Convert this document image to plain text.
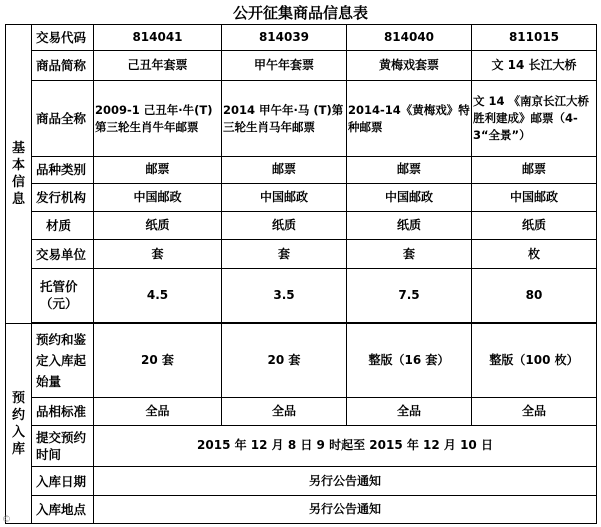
公开征集商品信息表
基
本
信
息	交易代码	814041	814039	814040	811015
	商品简称	己丑年套票	甲午年套票	黄梅戏套票	文 14 长江大桥
	商品全称	2009-1 己丑年·牛(T)第三轮生肖牛年邮票	2014 甲午年·马 (T)第三轮生肖马年邮票	2014-14《黄梅戏》特种邮票	文 14 《南京长江大桥胜利建成》邮票（4-3“全景”）
	品种类别	邮票	邮票	邮票	邮票
	发行机构	中国邮政	中国邮政	中国邮政	中国邮政
	材质	纸质	纸质	纸质	纸质
	交易单位	套	套	套	枚
	托管价（元）	4.5	3.5	7.5	80

预
约
入
库	预约和鉴定入库起始量	20 套	20 套	整版（16 套）	整版（100 枚）
	品相标准	全品	全品	全品	全品
	提交预约时间	2015 年 12 月 8 日 9 时起至 2015 年 12 月 10 日			
	入库日期	另行公告通知			
	入库地点	另行公告通知			
©
